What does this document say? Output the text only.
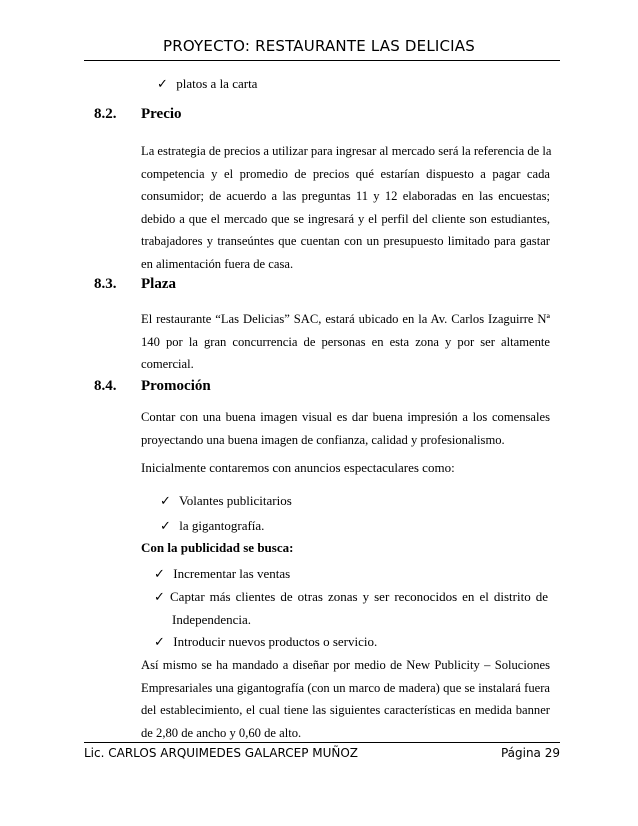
PROYECTO: RESTAURANTE LAS DELICIAS
✓ platos a la carta
8.2. Precio
La estrategia de precios a utilizar para ingresar al mercado será la referencia de la
competencia y el promedio de precios qué estarían dispuesto a pagar cada
consumidor; de acuerdo a las preguntas 11 y 12 elaboradas en las encuestas;
debido a que el mercado que se ingresará y el perfil del cliente son estudiantes,
trabajadores y transeúntes que cuentan con un presupuesto limitado para gastar
en alimentación fuera de casa.
8.3. Plaza
El restaurante “Las Delicias” SAC, estará ubicado en la Av. Carlos Izaguirre Nª
140 por la gran concurrencia de personas en esta zona y por ser altamente
comercial.
8.4. Promoción
Contar con una buena imagen visual es dar buena impresión a los comensales
proyectando una buena imagen de confianza, calidad y profesionalismo.
Inicialmente contaremos con anuncios espectaculares como:
✓ Volantes publicitarios
✓ la gigantografía.
Con la publicidad se busca:
✓ Incrementar las ventas
✓ Captar más clientes de otras zonas y ser reconocidos en el distrito de
Independencia.
✓ Introducir nuevos productos o servicio.
Así mismo se ha mandado a diseñar por medio de New Publicity – Soluciones
Empresariales una gigantografía (con un marco de madera) que se instalará fuera
del establecimiento, el cual tiene las siguientes características en medida banner
de 2,80 de ancho y 0,60 de alto.
Lic. CARLOS ARQUIMEDES GALARCEP MUÑOZ	Página 29
